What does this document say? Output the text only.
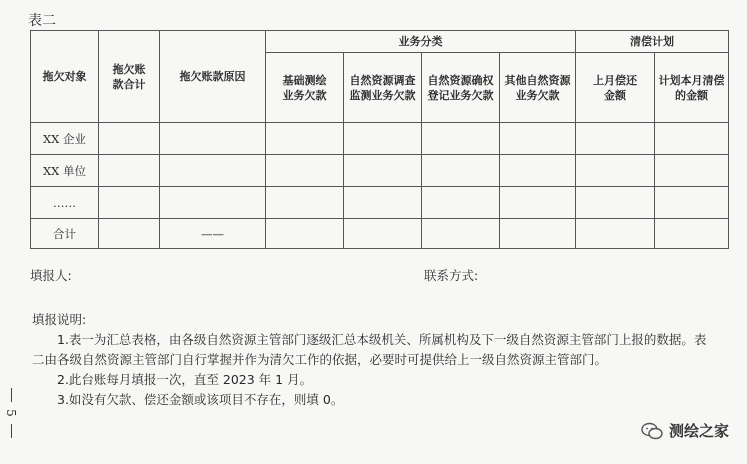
表二
拖欠对象	拖欠账款合计	拖欠账款原因	业务分类				清偿计划	

			基础测绘业务欠款	自然资源调查监测业务欠款	自然资源确权登记业务欠款	其他自然资源业务欠款	上月偿还金额	计划本月清偿的金额

XX 企业								
XX 单位								
……								
合计		——						
填报人:	联系方式:

填报说明:

1.表一为汇总表格，由各级自然资源主管部门逐级汇总本级机关、所属机构及下一级自然资源主管部门上报的数据。表二由各级自然资源主管部门自行掌握并作为清欠工作的依据，必要时可提供给上一级自然资源主管部门。

2.此台账每月填报一次，直至 2023 年 1 月。

3.如没有欠款、偿还金额或该项目不存在，则填 0。

5
测绘之家
